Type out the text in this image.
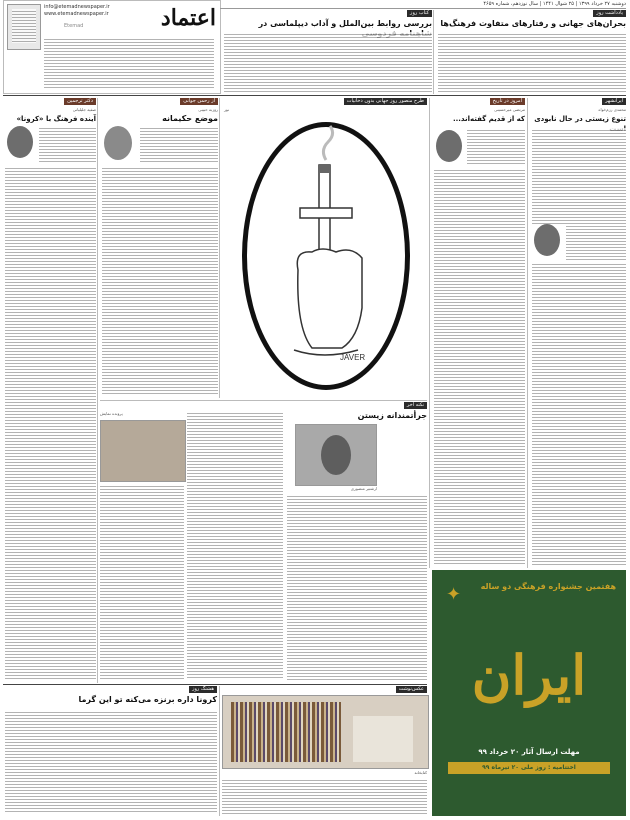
اعتماد
Etemad
info@etemadnewspaper.ir
www.etemadnewspaper.ir
دوشنبه ۲۷ خرداد ۱۳۹۹ | ۲۵ شوال ۱۴۴۱ | سال نوزدهم، شماره ۴۶۵۹
یادداشت روز
بحران‌های جهانی و رفتارهای متفاوت فرهنگ‌ها
کتاب روز
بررسی روابط بین‌الملل و آداب دیپلماسی در
ایرانشهر
محمدی رزم‌خواه
تنوع زیستی در حال نابودی
امروز در تاریخ
مرتضی میرحسینی
که از قدیم گفته‌اند...
طرح منصور روز جهانی بدون دخانیات
نور
JAVER
از رحمن جوانی
روزبه حبیبی
موضع حکیمانه
دکتر ترجمین
صفیه جلیلیانی
آینده فرهنگ با «کرونا»
نکته آخر
جرأتمندانه زیستن
ارشتیر منصوری
پرونده نمایش
عکس‌نوشت
کتابخانه
هشتگ روز
کرونا داره برنزه می‌کنه تو این گرما
هفتمین جشنواره فرهنگی دو ساله
ایران
✦
مهلت ارسال آثار ۲۰ خرداد ۹۹
اختتامیه : روز ملی ۲۰ تیرماه ۹۹
